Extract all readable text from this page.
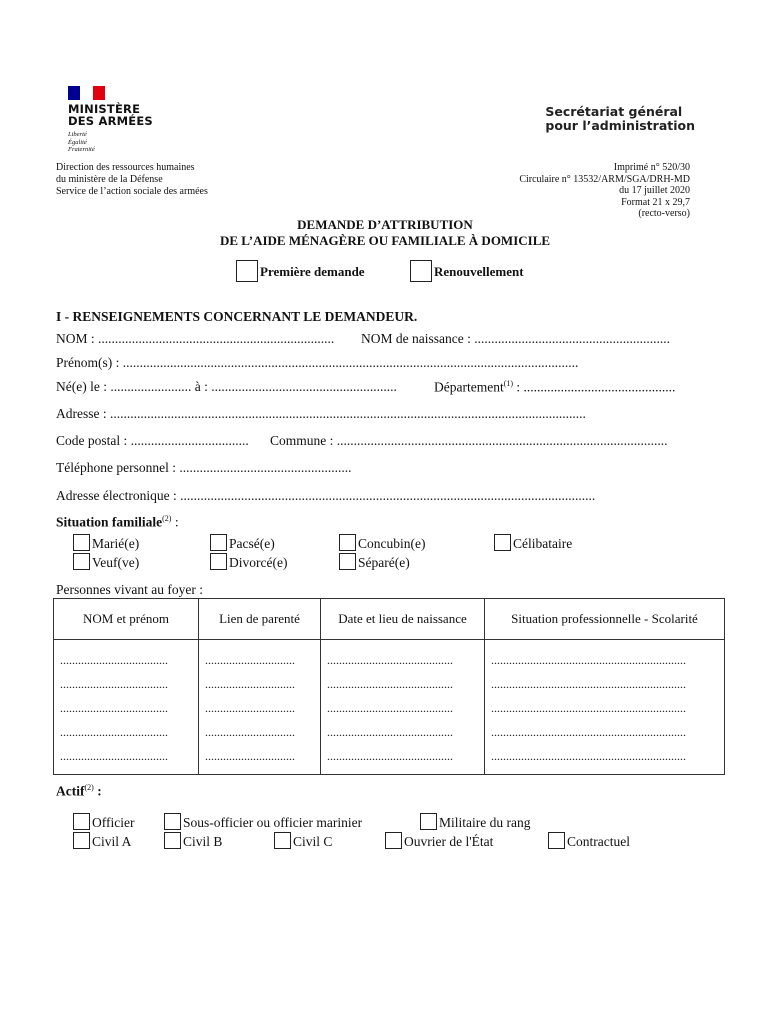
MINISTÈRE
DES ARMÉES
Liberté
Égalité
Fraternité
Secrétariat général
pour l’administration
Direction des ressources humaines
du ministère de la Défense
Service de l’action sociale des armées
Imprimé n° 520/30
Circulaire n° 13532/ARM/SGA/DRH-MD
du 17 juillet 2020
Format 21 x 29,7
(recto-verso)
DEMANDE D’ATTRIBUTION
DE L’AIDE MÉNAGÈRE OU FAMILIALE À DOMICILE
Première demande	Renouvellement
I - RENSEIGNEMENTS CONCERNANT LE DEMANDEUR.
NOM : ...................................................................... NOM de naissance : ..........................................................
Prénom(s) : .......................................................................................................................................
Né(e) le : ........................ à : .......................................................	Département$^{(1)}$ : .............................................
Adresse : .............................................................................................................................................
Code postal : ................................... Commune : ..................................................................................................
Téléphone personnel : ...................................................
Adresse électronique : ...........................................................................................................................
Situation familiale$^{(2)}$ :
Marié(e)	Pacsé(e)	Concubin(e)	Célibataire
Veuf(ve)	Divorcé(e)	Séparé(e)
Personnes vivant au foyer :
NOM et prénom	Lien de parenté	Date et lieu de naissance	Situation professionnelle - Scolarité
....................................	..............................	..........................................	.................................................................
....................................	..............................	..........................................	.................................................................
....................................	..............................	..........................................	.................................................................
....................................	..............................	..........................................	.................................................................
....................................	..............................	..........................................	.................................................................
Actif$^{(2)}$ :
Officier	Sous-officier ou officier marinier	Militaire du rang
Civil A	Civil B	Civil C	Ouvrier de l'État	Contractuel
